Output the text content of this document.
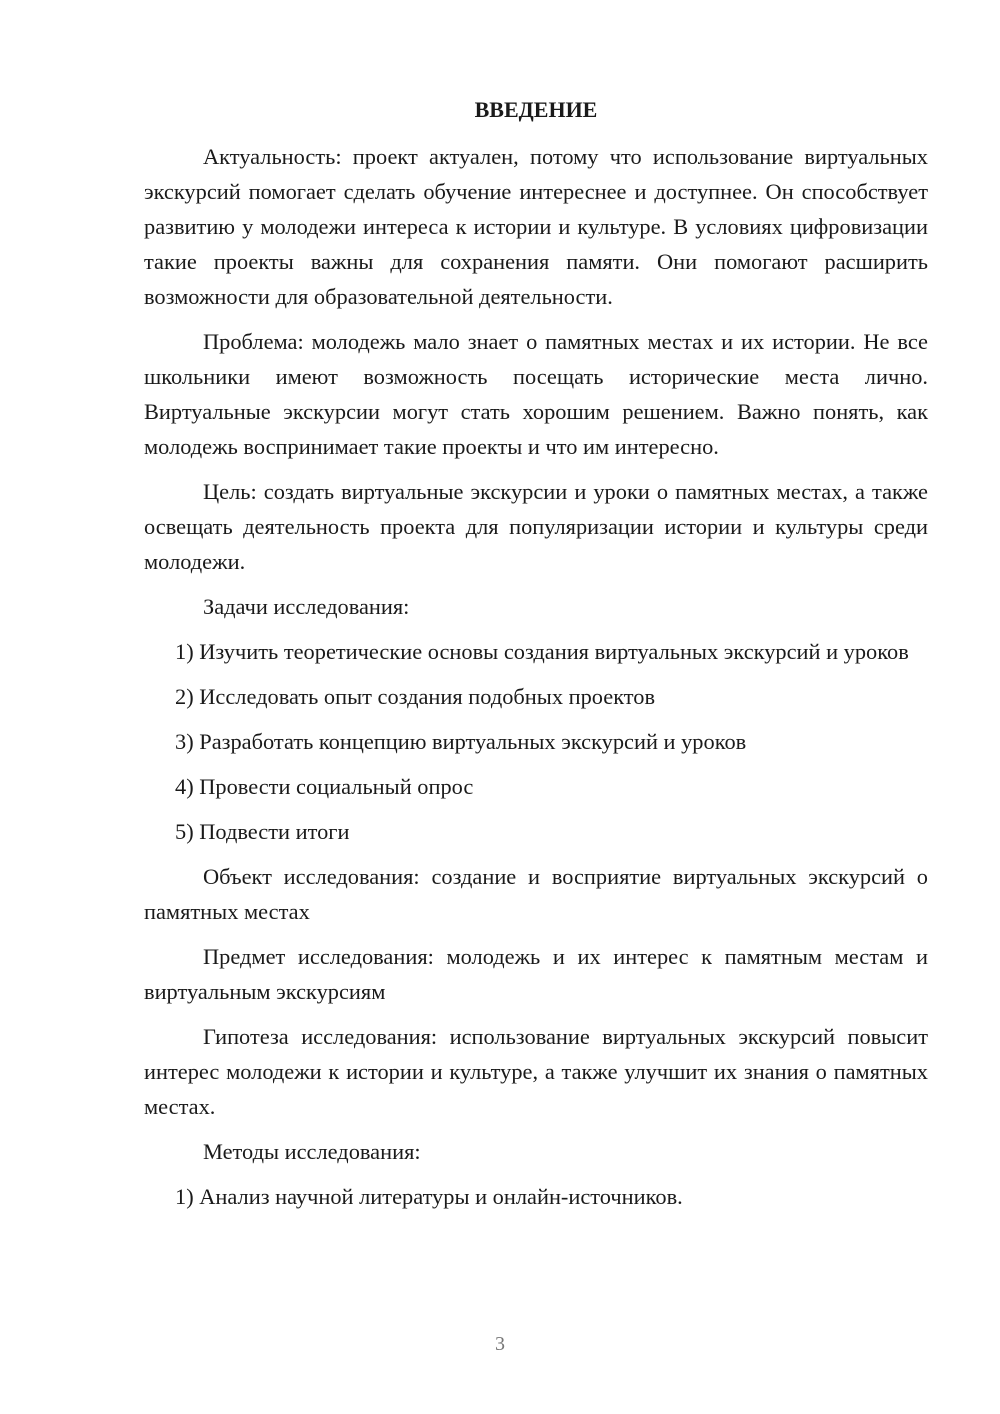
ВВЕДЕНИЕ

Актуальность: проект актуален, потому что использование виртуальных экскурсий помогает сделать обучение интереснее и доступнее. Он способствует развитию у молодежи интереса к истории и культуре. В условиях цифровизации такие проекты важны для сохранения памяти. Они помогают расширить возможности для образовательной деятельности.

Проблема: молодежь мало знает о памятных местах и их истории. Не все школьники имеют возможность посещать исторические места лично. Виртуальные экскурсии могут стать хорошим решением. Важно понять, как молодежь воспринимает такие проекты и что им интересно.

Цель: создать виртуальные экскурсии и уроки о памятных местах, а также освещать деятельность проекта для популяризации истории и культуры среди молодежи.

Задачи исследования:

1) Изучить теоретические основы создания виртуальных экскурсий и уроков

2) Исследовать опыт создания подобных проектов

3) Разработать концепцию виртуальных экскурсий и уроков

4) Провести социальный опрос

5) Подвести итоги

Объект исследования: создание и восприятие виртуальных экскурсий о памятных местах

Предмет исследования: молодежь и их интерес к памятным местам и виртуальным экскурсиям

Гипотеза исследования: использование виртуальных экскурсий повысит интерес молодежи к истории и культуре, а также улучшит их знания о памятных местах.

Методы исследования:

1) Анализ научной литературы и онлайн-источников.

3
